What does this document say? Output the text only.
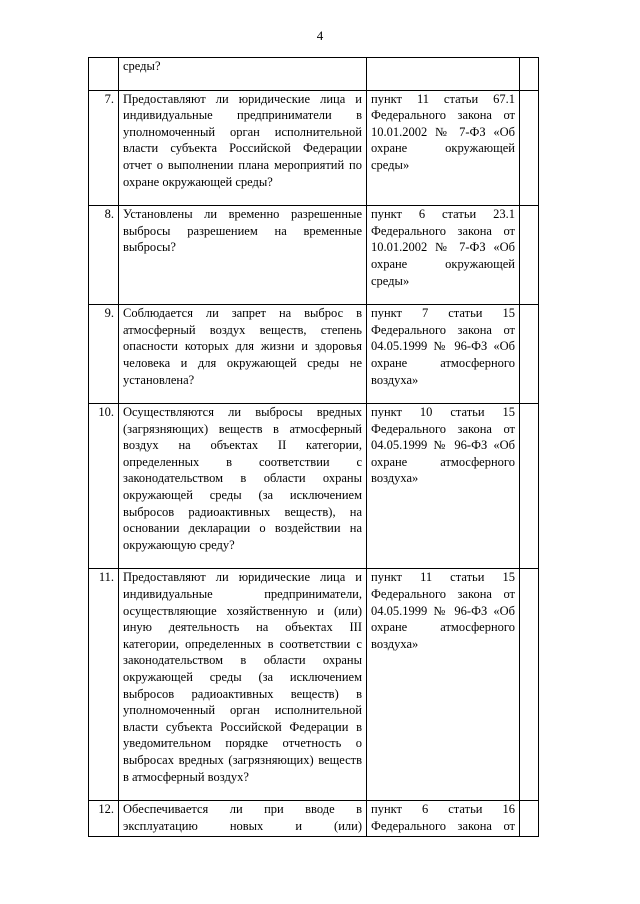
4
	среды?		
7.	Предоставляют ли юридические лица и индивидуальные предприниматели в уполномоченный орган исполнительной власти субъекта Российской Федерации отчет о выполнении плана мероприятий по охране окружающей среды?	пункт 11 статьи 67.1 Федерального закона от 10.01.2002 № 7-ФЗ «Об охране окружающей среды»	
8.	Установлены ли временно разрешенные выбросы разрешением на временные выбросы?	пункт 6 статьи 23.1 Федерального закона от 10.01.2002 № 7-ФЗ «Об охране окружающей среды»	
9.	Соблюдается ли запрет на выброс в атмосферный воздух веществ, степень опасности которых для жизни и здоровья человека и для окружающей среды не установлена?	пункт 7 статьи 15 Федерального закона от 04.05.1999 № 96-ФЗ «Об охране атмосферного воздуха»	
10.	Осуществляются ли выбросы вредных (загрязняющих) веществ в атмосферный воздух на объектах II категории, определенных в соответствии с законодательством в области охраны окружающей среды (за исключением выбросов радиоактивных веществ), на основании декларации о воздействии на окружающую среду?	пункт 10 статьи 15 Федерального закона от 04.05.1999 № 96-ФЗ «Об охране атмосферного воздуха»	
11.	Предоставляют ли юридические лица и индивидуальные предприниматели, осуществляющие хозяйственную и (или) иную деятельность на объектах III категории, определенных в соответствии с законодательством в области охраны окружающей среды (за исключением выбросов радиоактивных веществ) в уполномоченный орган исполнительной власти субъекта Российской Федерации в уведомительном порядке отчетность о выбросах вредных (загрязняющих) веществ в атмосферный воздух?	пункт 11 статьи 15 Федерального закона от 04.05.1999 № 96-ФЗ «Об охране атмосферного воздуха»	
12.	Обеспечивается ли при вводе в эксплуатацию новых и (или)	пункт 6 статьи 16 Федерального закона от	
